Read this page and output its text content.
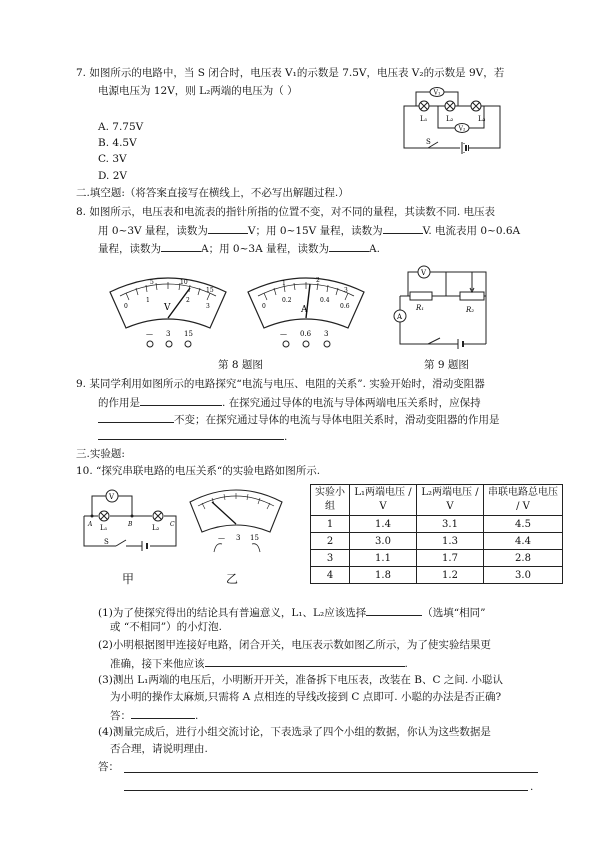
7. 如图所示的电路中，当 S 闭合时，电压表 V₁的示数是 7.5V，电压表 V₂的示数是 9V，若
电源电压为 12V，则 L₂两端的电压为（ ）
A. 7.75V
B. 4.5V
C. 3V
D. 2V
V₁
V₂
L₁	L₂	L₃
S
二.填空题:（将答案直接写在横线上，不必写出解题过程.）
8. 如图所示，电压表和电流表的指针所指的位置不变，对不同的量程，其读数不同. 电压表
用 0~3V 量程，读数为	V；用 0~15V 量程，读数为	V. 电流表用 0~0.6A
量程，读数为	A；用 0~3A 量程，读数为	A.
5	10
15
0
1	2
3
V
— 3 15
1	2
3
0
0.2	0.4
0.6
A
— 0.6 3
V
A
R₁	R₂
第 8 题图	第 9 题图
9. 某同学利用如图所示的电路探究“电流与电压、电阻的关系”. 实验开始时，滑动变阻器
的作用是	. 在探究通过导体的电流与导体两端电压关系时，应保持
不变；在探究通过导体的电流与导体电阻关系时，滑动变阻器的作用是
.
三.实验题:
10. “探究串联电路的电压关系“的实验电路如图所示.
V
A	B	C
L₁	L₂
S
甲
— 3 15
乙
实验小组	L₁两端电压 / V	L₂两端电压 / V	串联电路总电压 / V
1	1.4	3.1	4.5
2	3.0	1.3	4.4
3	1.1	1.7	2.8
4	1.8	1.2	3.0
(1)为了使探究得出的结论具有普遍意义，L₁、L₂应该选择	（选填“相同”
或 “不相同”）的小灯泡.
(2)小明根据图甲连接好电路，闭合开关，电压表示数如图乙所示，为了使实验结果更
准确，接下来他应该	.
(3)测出 L₁两端的电压后，小明断开开关，准备拆下电压表，改装在 B、C 之间. 小聪认
为小明的操作太麻烦,只需将 A 点相连的导线改接到 C 点即可. 小聪的办法是否正确?
答：	.
(4)测量完成后，进行小组交流讨论，下表选录了四个小组的数据，你认为这些数据是
否合理，请说明理由.
答：
.
